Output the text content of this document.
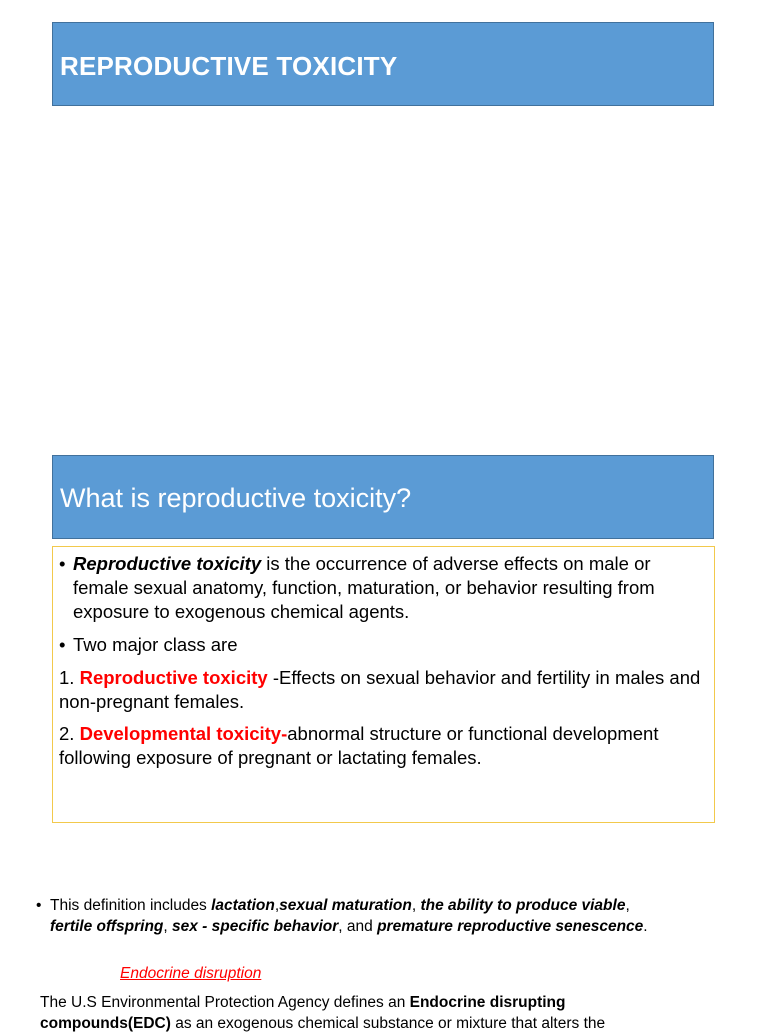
REPRODUCTIVE TOXICITY
What is reproductive toxicity?
• Reproductive toxicity is the occurrence of adverse effects on male or female sexual anatomy, function, maturation, or behavior resulting from exposure to exogenous chemical agents.
• Two major class are
1. Reproductive toxicity -Effects on sexual behavior and fertility in males and non-pregnant females.
2. Developmental toxicity-abnormal structure or functional development following exposure of pregnant or lactating females.
• This definition includes lactation,sexual maturation, the ability to produce viable, fertile offspring, sex - specific behavior, and premature reproductive senescence.
Endocrine disruption
The U.S Environmental Protection Agency defines an Endocrine disrupting compounds(EDC) as an exogenous chemical substance or mixture that alters the
